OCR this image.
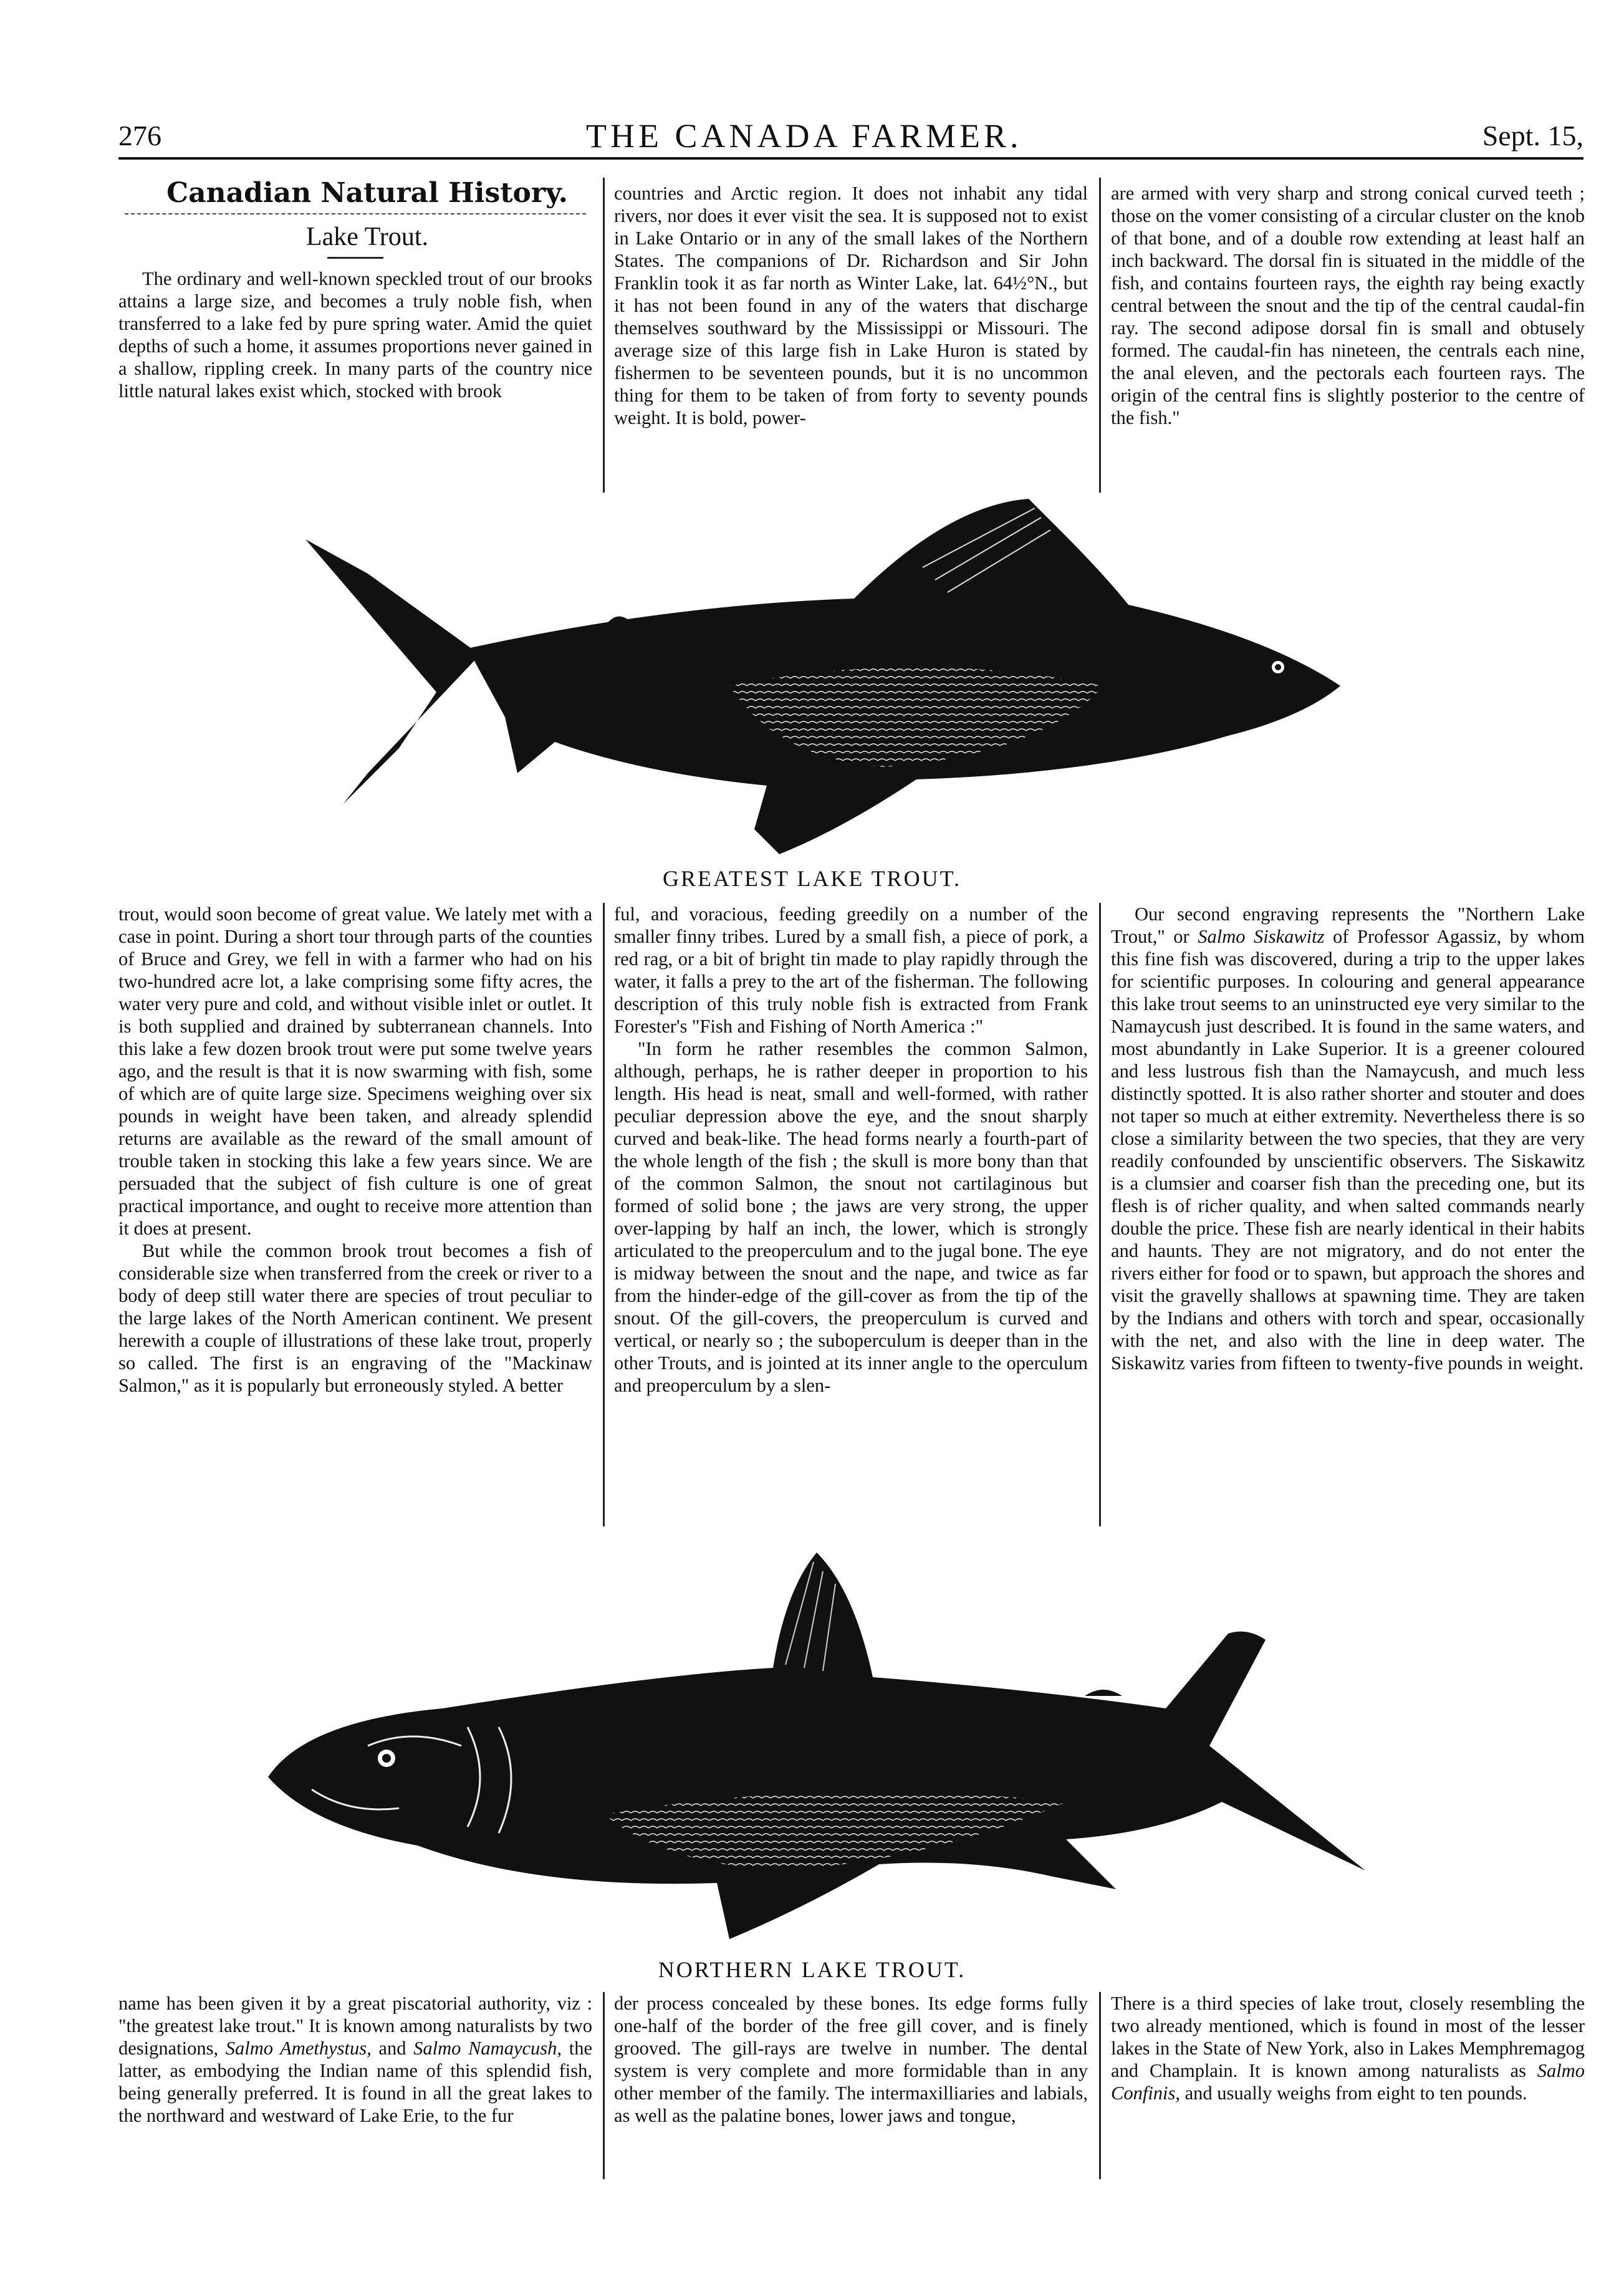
276	THE CANADA FARMER.	Sept. 15,

Canadian Natural History.

Lake Trout.

The ordinary and well-known speckled trout of our brooks attains a large size, and becomes a truly noble fish, when transferred to a lake fed by pure spring water. Amid the quiet depths of such a home, it assumes proportions never gained in a shallow, rippling creek. In many parts of the country nice little natural lakes exist which, stocked with brook

countries and Arctic region. It does not inhabit any tidal rivers, nor does it ever visit the sea. It is supposed not to exist in Lake Ontario or in any of the small lakes of the Northern States. The companions of Dr. Richardson and Sir John Franklin took it as far north as Winter Lake, lat. 64½°N., but it has not been found in any of the waters that discharge themselves southward by the Mississippi or Missouri. The average size of this large fish in Lake Huron is stated by fishermen to be seventeen pounds, but it is no uncommon thing for them to be taken of from forty to seventy pounds weight. It is bold, power-

are armed with very sharp and strong conical curved teeth ; those on the vomer consisting of a circular cluster on the knob of that bone, and of a double row extending at least half an inch backward. The dorsal fin is situated in the middle of the fish, and contains fourteen rays, the eighth ray being exactly central between the snout and the tip of the central caudal-fin ray. The second adipose dorsal fin is small and obtusely formed. The caudal-fin has nineteen, the centrals each nine, the anal eleven, and the pectorals each fourteen rays. The origin of the central fins is slightly posterior to the centre of the fish."

GREATEST LAKE TROUT.

trout, would soon become of great value. We lately met with a case in point. During a short tour through parts of the counties of Bruce and Grey, we fell in with a farmer who had on his two-hundred acre lot, a lake comprising some fifty acres, the water very pure and cold, and without visible inlet or outlet. It is both supplied and drained by subterranean channels. Into this lake a few dozen brook trout were put some twelve years ago, and the result is that it is now swarming with fish, some of which are of quite large size. Specimens weighing over six pounds in weight have been taken, and already splendid returns are available as the reward of the small amount of trouble taken in stocking this lake a few years since. We are persuaded that the subject of fish culture is one of great practical importance, and ought to receive more attention than it does at present.

But while the common brook trout becomes a fish of considerable size when transferred from the creek or river to a body of deep still water there are species of trout peculiar to the large lakes of the North American continent. We present herewith a couple of illustrations of these lake trout, properly so called. The first is an engraving of the "Mackinaw Salmon," as it is popularly but erroneously styled. A better

ful, and voracious, feeding greedily on a number of the smaller finny tribes. Lured by a small fish, a piece of pork, a red rag, or a bit of bright tin made to play rapidly through the water, it falls a prey to the art of the fisherman. The following description of this truly noble fish is extracted from Frank Forester's "Fish and Fishing of North America :"

"In form he rather resembles the common Salmon, although, perhaps, he is rather deeper in proportion to his length. His head is neat, small and well-formed, with rather peculiar depression above the eye, and the snout sharply curved and beak-like. The head forms nearly a fourth-part of the whole length of the fish ; the skull is more bony than that of the common Salmon, the snout not cartilaginous but formed of solid bone ; the jaws are very strong, the upper over-lapping by half an inch, the lower, which is strongly articulated to the preoperculum and to the jugal bone. The eye is midway between the snout and the nape, and twice as far from the hinder-edge of the gill-cover as from the tip of the snout. Of the gill-covers, the preoperculum is curved and vertical, or nearly so ; the suboperculum is deeper than in the other Trouts, and is jointed at its inner angle to the operculum and preoperculum by a slen-

Our second engraving represents the "Northern Lake Trout," or Salmo Siskawitz of Professor Agassiz, by whom this fine fish was discovered, during a trip to the upper lakes for scientific purposes. In colouring and general appearance this lake trout seems to an uninstructed eye very similar to the Namaycush just described. It is found in the same waters, and most abundantly in Lake Superior. It is a greener coloured and less lustrous fish than the Namaycush, and much less distinctly spotted. It is also rather shorter and stouter and does not taper so much at either extremity. Nevertheless there is so close a similarity between the two species, that they are very readily confounded by unscientific observers. The Siskawitz is a clumsier and coarser fish than the preceding one, but its flesh is of richer quality, and when salted commands nearly double the price. These fish are nearly identical in their habits and haunts. They are not migratory, and do not enter the rivers either for food or to spawn, but approach the shores and visit the gravelly shallows at spawning time. They are taken by the Indians and others with torch and spear, occasionally with the net, and also with the line in deep water. The Siskawitz varies from fifteen to twenty-five pounds in weight.

NORTHERN LAKE TROUT.

name has been given it by a great piscatorial authority, viz : "the greatest lake trout." It is known among naturalists by two designations, Salmo Amethystus, and Salmo Namaycush, the latter, as embodying the Indian name of this splendid fish, being generally preferred. It is found in all the great lakes to the northward and westward of Lake Erie, to the fur

der process concealed by these bones. Its edge forms fully one-half of the border of the free gill cover, and is finely grooved. The gill-rays are twelve in number. The dental system is very complete and more formidable than in any other member of the family. The intermaxilliaries and labials, as well as the palatine bones, lower jaws and tongue,

There is a third species of lake trout, closely resembling the two already mentioned, which is found in most of the lesser lakes in the State of New York, also in Lakes Memphremagog and Champlain. It is known among naturalists as Salmo Confinis, and usually weighs from eight to ten pounds.
